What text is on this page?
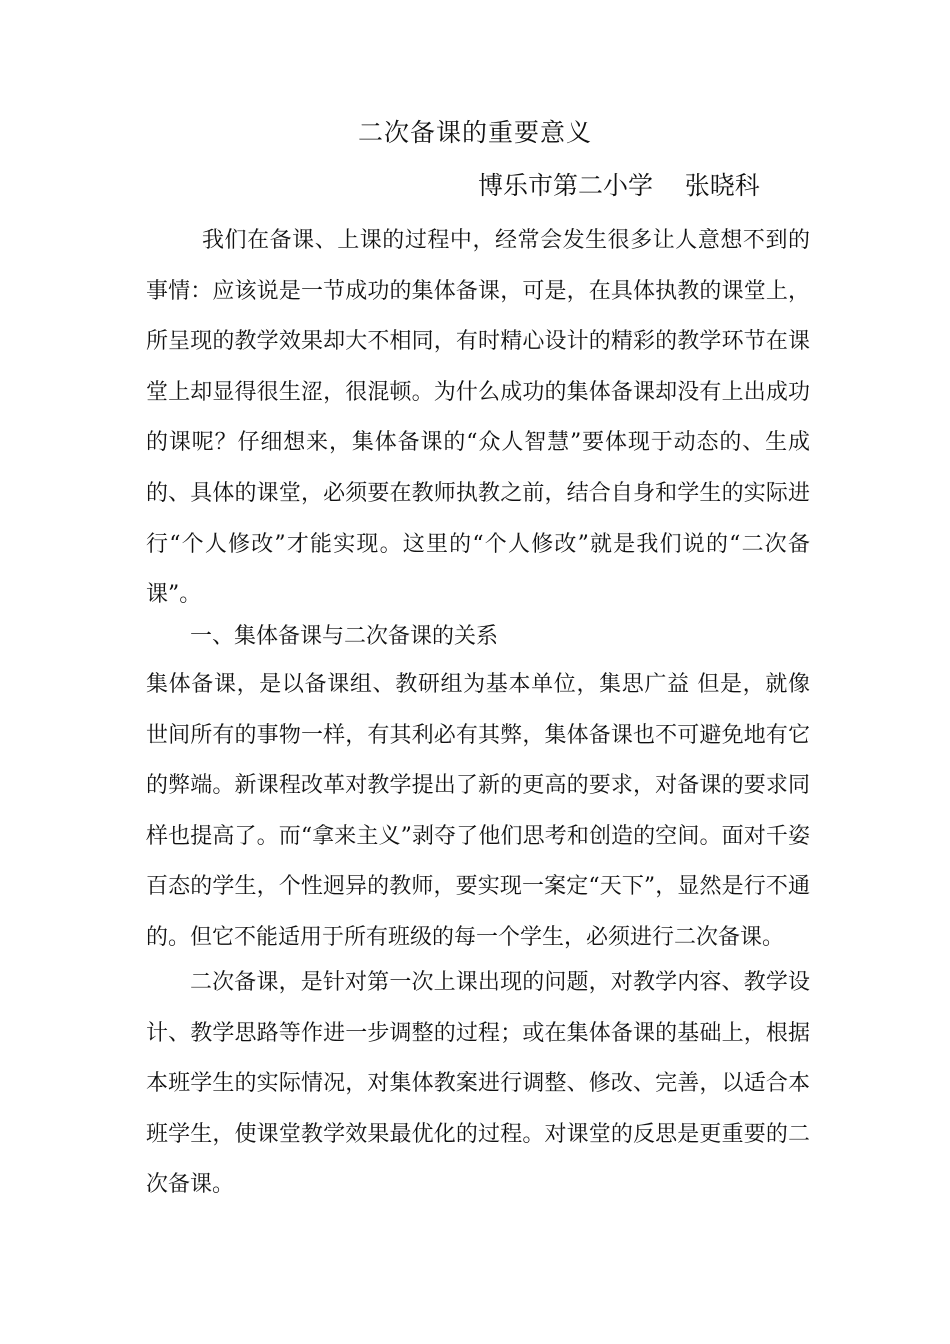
二次备课的重要意义

博乐市第二小学    张晓科

我们在备课、上课的过程中，经常会发生很多让人意想不到的事情：应该说是一节成功的集体备课，可是，在具体执教的课堂上，所呈现的教学效果却大不相同，有时精心设计的精彩的教学环节在课堂上却显得很生涩，很混顿。为什么成功的集体备课却没有上出成功的课呢？仔细想来，集体备课的“众人智慧”要体现于动态的、生成的、具体的课堂，必须要在教师执教之前，结合自身和学生的实际进行“个人修改”才能实现。这里的“个人修改”就是我们说的“二次备课”。

一、集体备课与二次备课的关系

集体备课，是以备课组、教研组为基本单位，集思广益 但是，就像世间所有的事物一样，有其利必有其弊，集体备课也不可避免地有它的弊端。新课程改革对教学提出了新的更高的要求，对备课的要求同样也提高了。而“拿来主义”剥夺了他们思考和创造的空间。面对千姿百态的学生，个性迥异的教师，要实现一案定“天下”，显然是行不通的。但它不能适用于所有班级的每一个学生，必须进行二次备课。

二次备课，是针对第一次上课出现的问题，对教学内容、教学设计、教学思路等作进一步调整的过程；或在集体备课的基础上，根据本班学生的实际情况，对集体教案进行调整、修改、完善，以适合本班学生，使课堂教学效果最优化的过程。对课堂的反思是更重要的二次备课。
